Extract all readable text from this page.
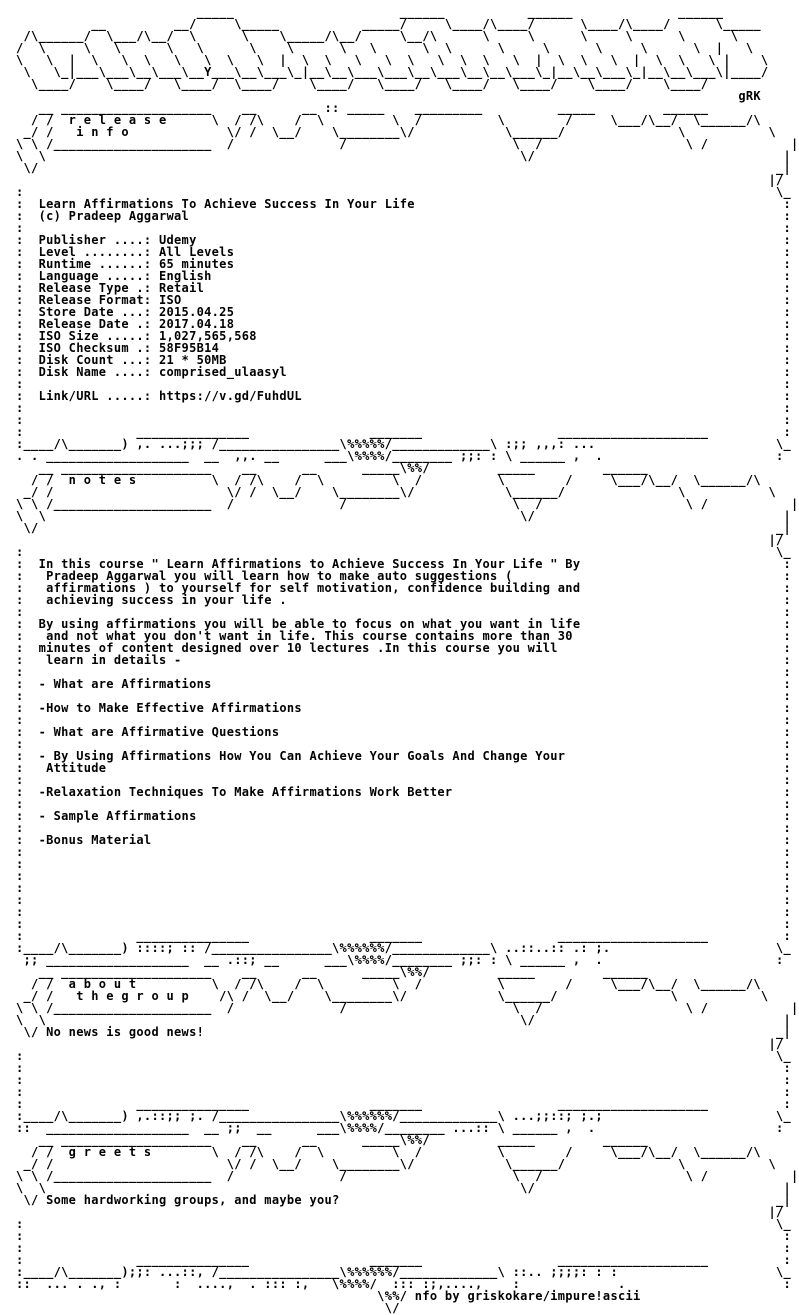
_____                      ______           ______              ______
__         __/     \_____           _____/     \____/\____/      \____/\____/      \_____
/\______/  \___/\__/  \      \    \_____/\__/     \__/\      \     \      \     \      \      \
/  \     \   \      \   \      \    \      \   \      \  \      \     \      \     \      \  |   \
\   \  |  \   \  \   \   \  \   \  |  \  \   \   \  \   \  \  \   \  |  \  \   \  |  \  \   \ |    \
\   \_|___\___\__\___\__Y___\__\___\_|__\__\___\___\__\___\__\__\___\_|__\__\___\_|__\__\___\|____/
\____/    \____/   \____/  \____/    \____/   \____/   \____/   \____/    \____/    \____/
gRK
__ ____________________    __      __ :: _____    _________          _____         ______
/ /  r e l e a s e      \  / /\    /  \         \  /          \        /     \___/\__/  \______/\
_/ /   i n f o             \/ /  \__/    \________\/            \______/               \           \
\ \ /_____________________  /              /                      \  /                   \ /           |
\  \                                                               \/                                 |
\/                                                                                                  _|
|/
:                                                                                                    \_
:  Learn Affirmations To Achieve Success In Your Life                                                 :
:  (c) Pradeep Aggarwal                                                                               :
:                                                                                                     :
:  Publisher ....: Udemy                                                                              :
:  Level ........: All Levels                                                                         :
:  Runtime ......: 65 minutes                                                                         :
:  Language .....: English                                                                            :
:  Release Type .: Retail                                                                             :
:  Release Format: ISO                                                                                :
:  Store Date ...: 2015.04.25                                                                         :
:  Release Date .: 2017.04.18                                                                         :
:  ISO Size .....: 1,027,565,568                                                                      :
:  ISO Checksum .: 58F95B14                                                                           :
:  Disk Count ...: 21 * 50MB                                                                          :
:  Disk Name ....: comprised_ulaasyl                                                                  :
:                                                                                                     :
:  Link/URL .....: https://v.gd/FuhdUL                                                                :
:                                                                                                     :
:                                                                                                     :
:               _______________                _______                  ____________________          :
:____/\_______) ,. ...;;; /________________\%%%%%/_____________\ :;; ,,,: ...                        \_
. . ___________________  __  ,,. __      ___\%%%%/________ ;;: : \ ______ ,  .                       :
__ ____________________    __      __      _____\%%/         _____         ______
/ /  n o t e s          \  / /\    /  \         \  /          \        /     \___/\__/  \______/\
_/ /                       \/ /  \__/    \________\/            \______/               \           \
\ \ /_____________________  /              /                      \  /                   \ /           |
\  \                                                               \/                                 |
\/                                                                                                  _|
|/
:                                                                                                    \_
:  In this course " Learn Affirmations to Achieve Success In Your Life " By                           :
:   Pradeep Aggarwal you will learn how to make auto suggestions (                                    :
:   affirmations ) to yourself for self motivation, confidence building and                           :
:   achieving success in your life .                                                                  :
:                                                                                                     :
:  By using affirmations you will be able to focus on what you want in life                           :
:   and not what you don't want in life. This course contains more than 30                            :
:  minutes of content designed over 10 lectures .In this course you will                              :
:   learn in details -                                                                                :
:                                                                                                     :
:  - What are Affirmations                                                                            :
:                                                                                                     :
:  -How to Make Effective Affirmations                                                                :
:                                                                                                     :
:  - What are Affirmative Questions                                                                   :
:                                                                                                     :
:  - By Using Affirmations How You Can Achieve Your Goals And Change Your                             :
:   Attitude                                                                                          :
:                                                                                                     :
:  -Relaxation Techniques To Make Affirmations Work Better                                            :
:                                                                                                     :
:  - Sample Affirmations                                                                              :
:                                                                                                     :
:  -Bonus Material                                                                                    :
:                                                                                                     :
:                                                                                                     :
:                                                                                                     :
:                                                                                                     :
:                                                                                                     :
:                                                                                                     :
:                                                                                                     :
:               _______________                _______                  ____________________          :
:____/\_______) ::::; :: /________________\%%%%%%/_____________\ ..::..:: .: ;.                      \_
;; ___________________  __ .::; __      ___\%%%%/________ ;;: : \ ______ ,  .                       :
__ ____________________    __      __      _____\%%/         _____         ______
/ /  a b o u t          \  / /\    /  \         \  /          \        /     \___/\__/  \______/\
_/ /   t h e g r o u p    /\ /  \__/    \________\/            \______/               \           \
\ \ /_____________________  /              /                      \  /                   \ /           |
\  \                                                               \/                                 |
\/ No news is good news!                                                                            _|
|/
:                                                                                                    \_
:                                                                                                     :
:                                                                                                     :
:                                                                                                     :
:               _______________                _______                  ____________________          :
:____/\_______) ,.::;; ;. /________________\%%%%%%/_____________\ ...;;::; ;.;                       \_
::  ___________________  __ ;;  __      ___\%%%%/________ ...:: \ ______ ,  .                        :
__ ____________________    __      __      _____\%%/         _____         ______
/ /  g r e e t s        \  / /\    /  \         \  /          \        /     \___/\__/  \______/\
_/ /                       \/ /  \__/    \________\/            \______/               \           \
\ \ /_____________________  /              /                      \  /                   \ /           |
\  \                                                               \/                                 |
\/ Some hardworking groups, and maybe you?                                                          _|
|/
:                                                                                                    \_
:                                                                                                     :
:                                                                                                     :
:               _______________                _______                  ____________________          :
:____/\_______);;: ...::, /________________\%%%%%%/_____________\ ::.. ;;;;: : :                     \_
::  ... . ., :       :  ....,  . ::: :,   \%%%%/  ::: :;,....,    :             .                     :
\%%/ nfo by griskokare/impure!ascii
\/
